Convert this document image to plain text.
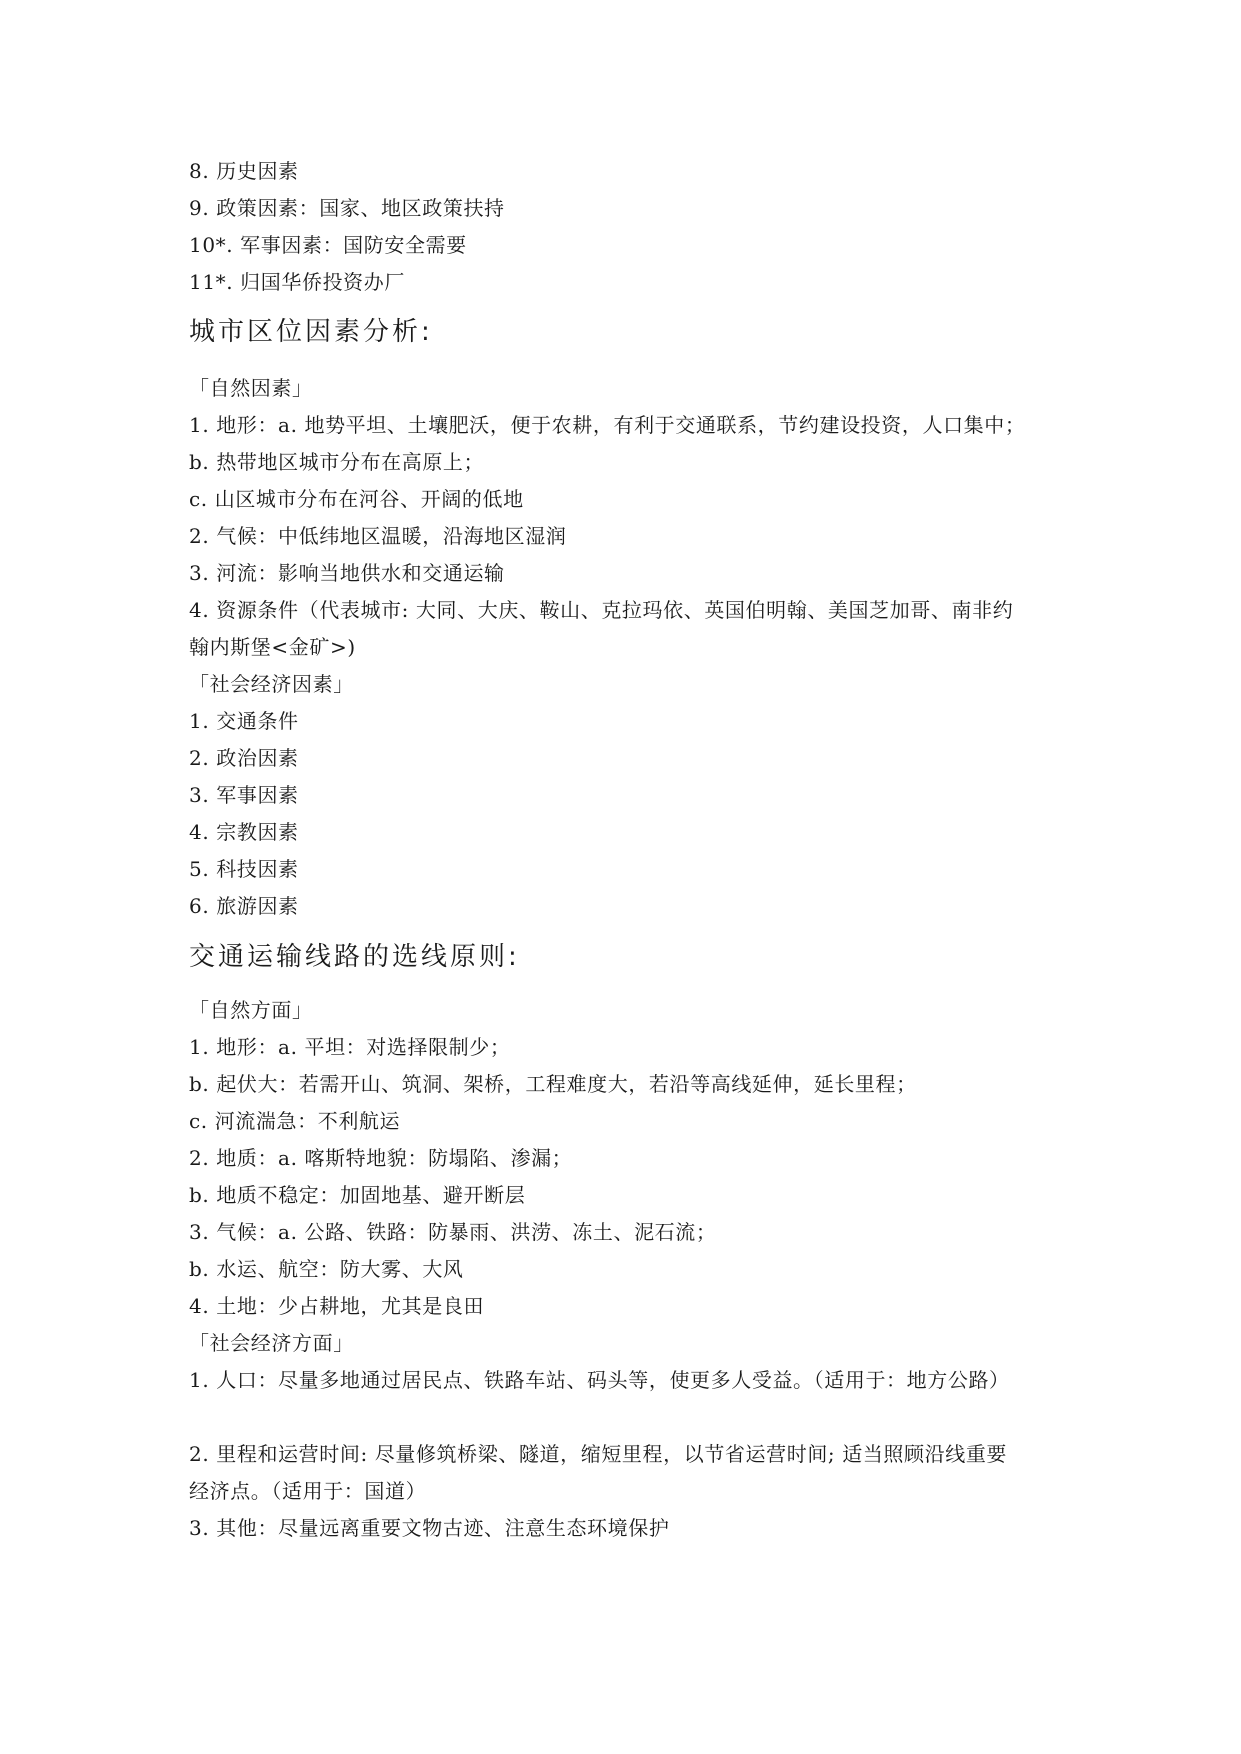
8. 历史因素
9. 政策因素：国家、地区政策扶持
10*. 军事因素：国防安全需要
11*. 归国华侨投资办厂
城市区位因素分析:
「自然因素」
1. 地形：a. 地势平坦、土壤肥沃，便于农耕，有利于交通联系，节约建设投资，人口集中；
b. 热带地区城市分布在高原上；
c. 山区城市分布在河谷、开阔的低地
2. 气候：中低纬地区温暖，沿海地区湿润
3. 河流：影响当地供水和交通运输
4. 资源条件（代表城市: 大同、大庆、鞍山、克拉玛依、英国伯明翰、美国芝加哥、南非约
翰内斯堡<金矿>)
「社会经济因素」
1. 交通条件
2. 政治因素
3. 军事因素
4. 宗教因素
5. 科技因素
6. 旅游因素
交通运输线路的选线原则:
「自然方面」
1. 地形：a. 平坦：对选择限制少；
b. 起伏大：若需开山、筑洞、架桥，工程难度大，若沿等高线延伸，延长里程；
c. 河流湍急：不利航运
2. 地质：a. 喀斯特地貌：防塌陷、渗漏；
b. 地质不稳定：加固地基、避开断层
3. 气候：a. 公路、铁路：防暴雨、洪涝、冻土、泥石流；
b. 水运、航空：防大雾、大风
4. 土地：少占耕地，尤其是良田
「社会经济方面」
1. 人口：尽量多地通过居民点、铁路车站、码头等，使更多人受益。（适用于：地方公路）
2. 里程和运营时间: 尽量修筑桥梁、隧道，缩短里程，以节省运营时间; 适当照顾沿线重要
经济点。（适用于：国道）
3. 其他：尽量远离重要文物古迹、注意生态环境保护
